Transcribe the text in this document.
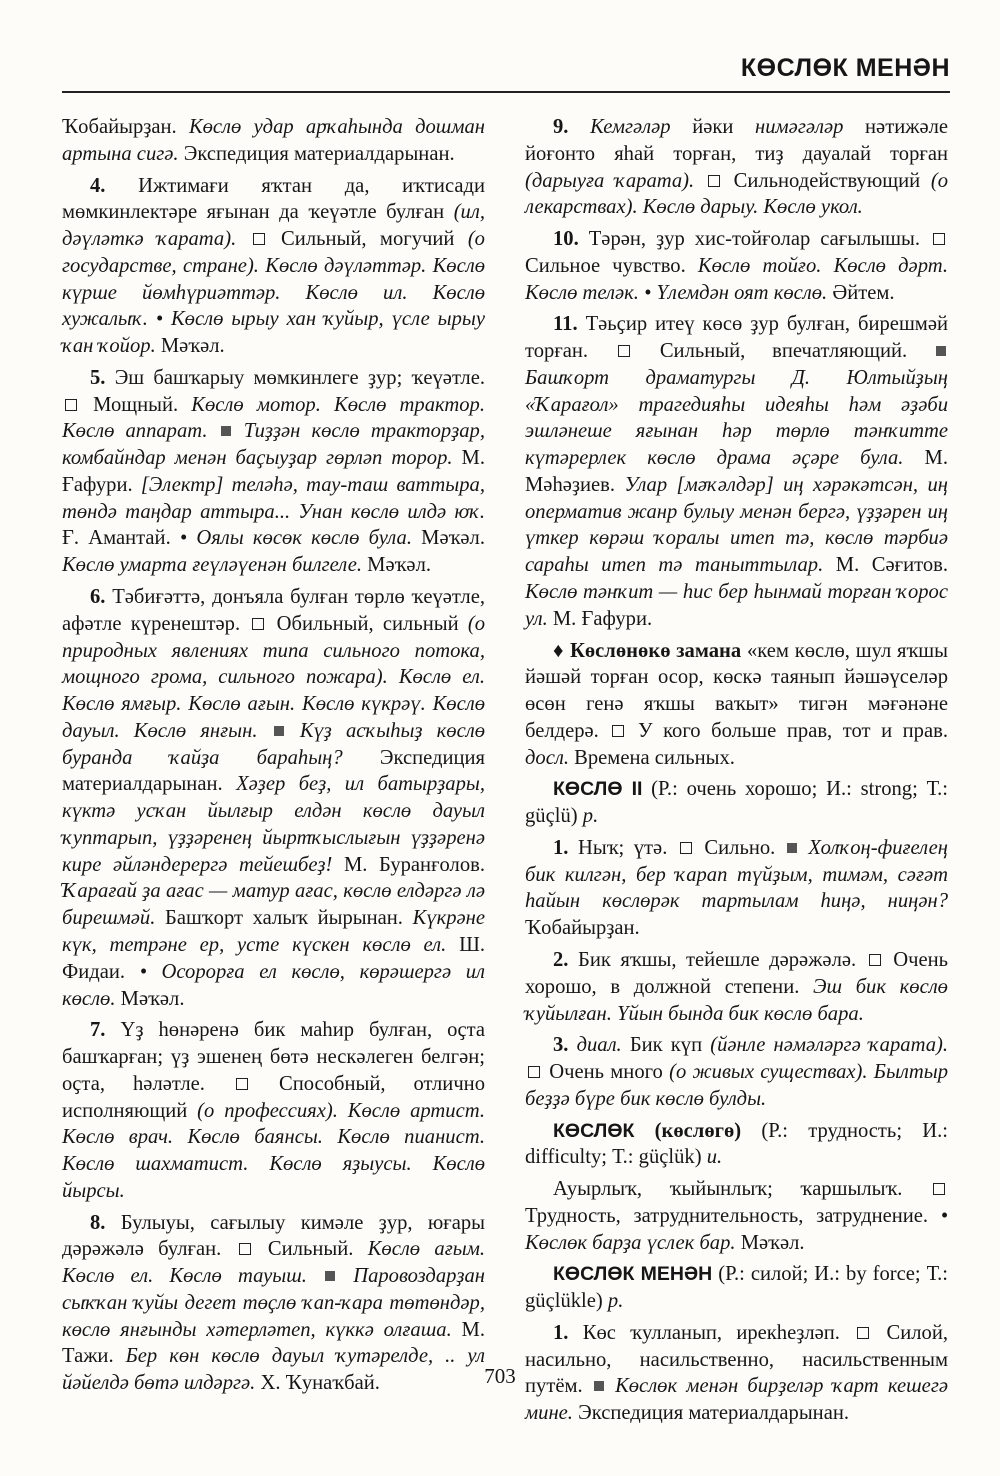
КӨСЛӨК МЕНӘН

Ҡобайырҙан. Көслө удар арҡаһында дошман артына сигә. Экспедиция материалдарынан.

4. Ижтимағи яҡтан да, иҡтисади мөмкинлектәре яғынан да ҡеүәтле булған (ил, дәүләткә ҡарата).  Сильный, могучий (о государстве, стране). Көслө дәүләттәр. Көслө күрше йөмһүриәттәр. Көслө ил. Көслө хужалыҡ. • Көслө ырыу хан ҡуйыр, үсле ырыу ҡан ҡойор. Мәҡәл.

5. Эш башҡарыу мөмкинлеге ҙур; ҡеүәтле.  Мощный. Көслө мотор. Көслө трактор. Көслө аппарат. Тиҙҙән көслө тракторҙар, комбайндар менән баҫыуҙар гөрләп торор. М. Ғафури. [Электр] теләһә, тау-таш ваттыра, төндә таңдар аттыра... Унан көслө илдә юҡ. Ғ. Амантай. • Оялы көсөк көслө була. Мәҡәл. Көслө умарта ғеүләүенән билгеле. Мәҡәл.

6. Тәбиғәттә, донъяла булған төрлө ҡеүәтле, афәтле күренештәр.  Обильный, сильный (о природных явлениях типа сильного потока, мощного грома, сильного пожара). Көслө ел. Көслө ямғыр. Көслө ағын. Көслө күкрәү. Көслө дауыл. Көслө янғын. Күҙ асҡыһыҙ көслө буранда ҡайҙа бараһың? Экспедиция материалдарынан. Хәҙер беҙ, ил батырҙары, күктә усҡан йылғыр елдән көслө дауыл ҡуптарып, үҙҙәренең йыртҡыслығын үҙҙәренә кире әйләндерергә тейешбеҙ! М. Буранғолов. Ҡарағай ҙа ағас — матур ағас, көслө елдәргә лә бирешмәй. Башҡорт халыҡ йырынан. Күкрәне күк, тетрәне ер, усте күскен көслө ел. Ш. Фидаи. • Осорорға ел көслө, көрәшергә ил көслө. Мәҡәл.

7. Үҙ һөнәренә бик маһир булған, оҫта башҡарған; үҙ эшенең бөтә нескәлеген белгән; оҫта, һәләтле.  Способный, отлично исполняющий (о профессиях). Көслө артист. Көслө врач. Көслө баянсы. Көслө пианист. Көслө шахматист. Көслө яҙыусы. Көслө йырсы.

8. Булыуы, сағылыу кимәле ҙур, юғары дәрәжәлә булған.  Сильный. Көслө ағым. Көслө ел. Көслө тауыш. Паровоздарҙан сыҡҡан ҡуйы дегет төҫлө ҡап-ҡара төтөндәр, көслө янғынды хәтерләтеп, күккә олғаша. М. Тажи. Бер көн көслө дауыл ҡутәрелде, .. ул йәйелдә бөтә илдәргә. Х. Ҡунаҡбай.

9. Кемгәләр йәки нимәгәләр нәтижәле йоғонто яһай торған, тиҙ дауалай торған (дарыуға ҡарата).  Сильнодействующий (о лекарствах). Көслө дарыу. Көслө укол.

10. Тәрән, ҙур хис-тойғолар сағылышы.  Сильное чувство. Көслө тойғо. Көслө дәрт. Көслө теләк. • Үлемдән оят көслө. Әйтем.

11. Тәьҫир итеү көсө ҙур булған, бирешмәй торған.  Сильный, впечатляющий.  Башҡорт драматургы Д. Юлтыйҙың «Ҡарағол» трагедияһы идеяһы һәм әҙәби эшләнеше яғынан һәр төрлө тәнҡитте күтәрерлек көслө драма әҫәре була. М. Мәһәҙиев. Улар [мәҡәлдәр] иң хәрәкәтсән, иң оперматив жанр булыу менән бергә, үҙҙәрен иң үткер көрәш ҡоралы итеп тә, көслө тәрбиә сараһы итеп тә таныттылар. М. Сәғитов. Көслө тәнҡит — һис бер һынмай торған ҡорос ул. М. Ғафури.

♦ Көслөнөкө замана «кем көслө, шул яҡшы йәшәй торған осор, көскә таянып йәшәүселәр өсөн генә яҡшы ваҡыт» тигән мәғәнәне белдерә.  У кого больше прав, тот и прав. досл. Времена сильных.

КӨСЛӨ II (Р.: очень хорошо; И.: strong; Т.: güçlü) р.

1. Ныҡ; үтә.  Сильно.  Холҡоң-фиғелең бик килгән, бер ҡарап түйҙым, тимәм, сәғәт һайын көслөрәк тартылам һиңә, ниңән? Ҡобайырҙан.

2. Бик яҡшы, тейешле дәрәжәлә.  Очень хорошо, в должной степени. Эш бик көслө ҡуйылған. Үйын бында бик көслө бара.

3. диал. Бик күп (йәнле нәмәләргә ҡарата).  Очень много (о живых существах). Былтыр беҙҙә бүре бик көслө булды.

КӨСЛӨК (көслөгө) (Р.: трудность; И.: difficulty; Т.: güçlük) и.

Ауырлыҡ, ҡыйынлыҡ; ҡаршылыҡ.  Трудность, затруднительность, затруднение. • Көслөк барҙа үслек бар. Мәҡәл.

КӨСЛӨК МЕНӘН (Р.: силой; И.: by force; Т.: güçlükle) р.

1. Көс ҡулланып, ирекһеҙләп.  Силой, насильно, насильственно, насильственным путём.  Көслөк менән бирҙеләр ҡарт кешегә мине. Экспедиция материалдарынан.

703
